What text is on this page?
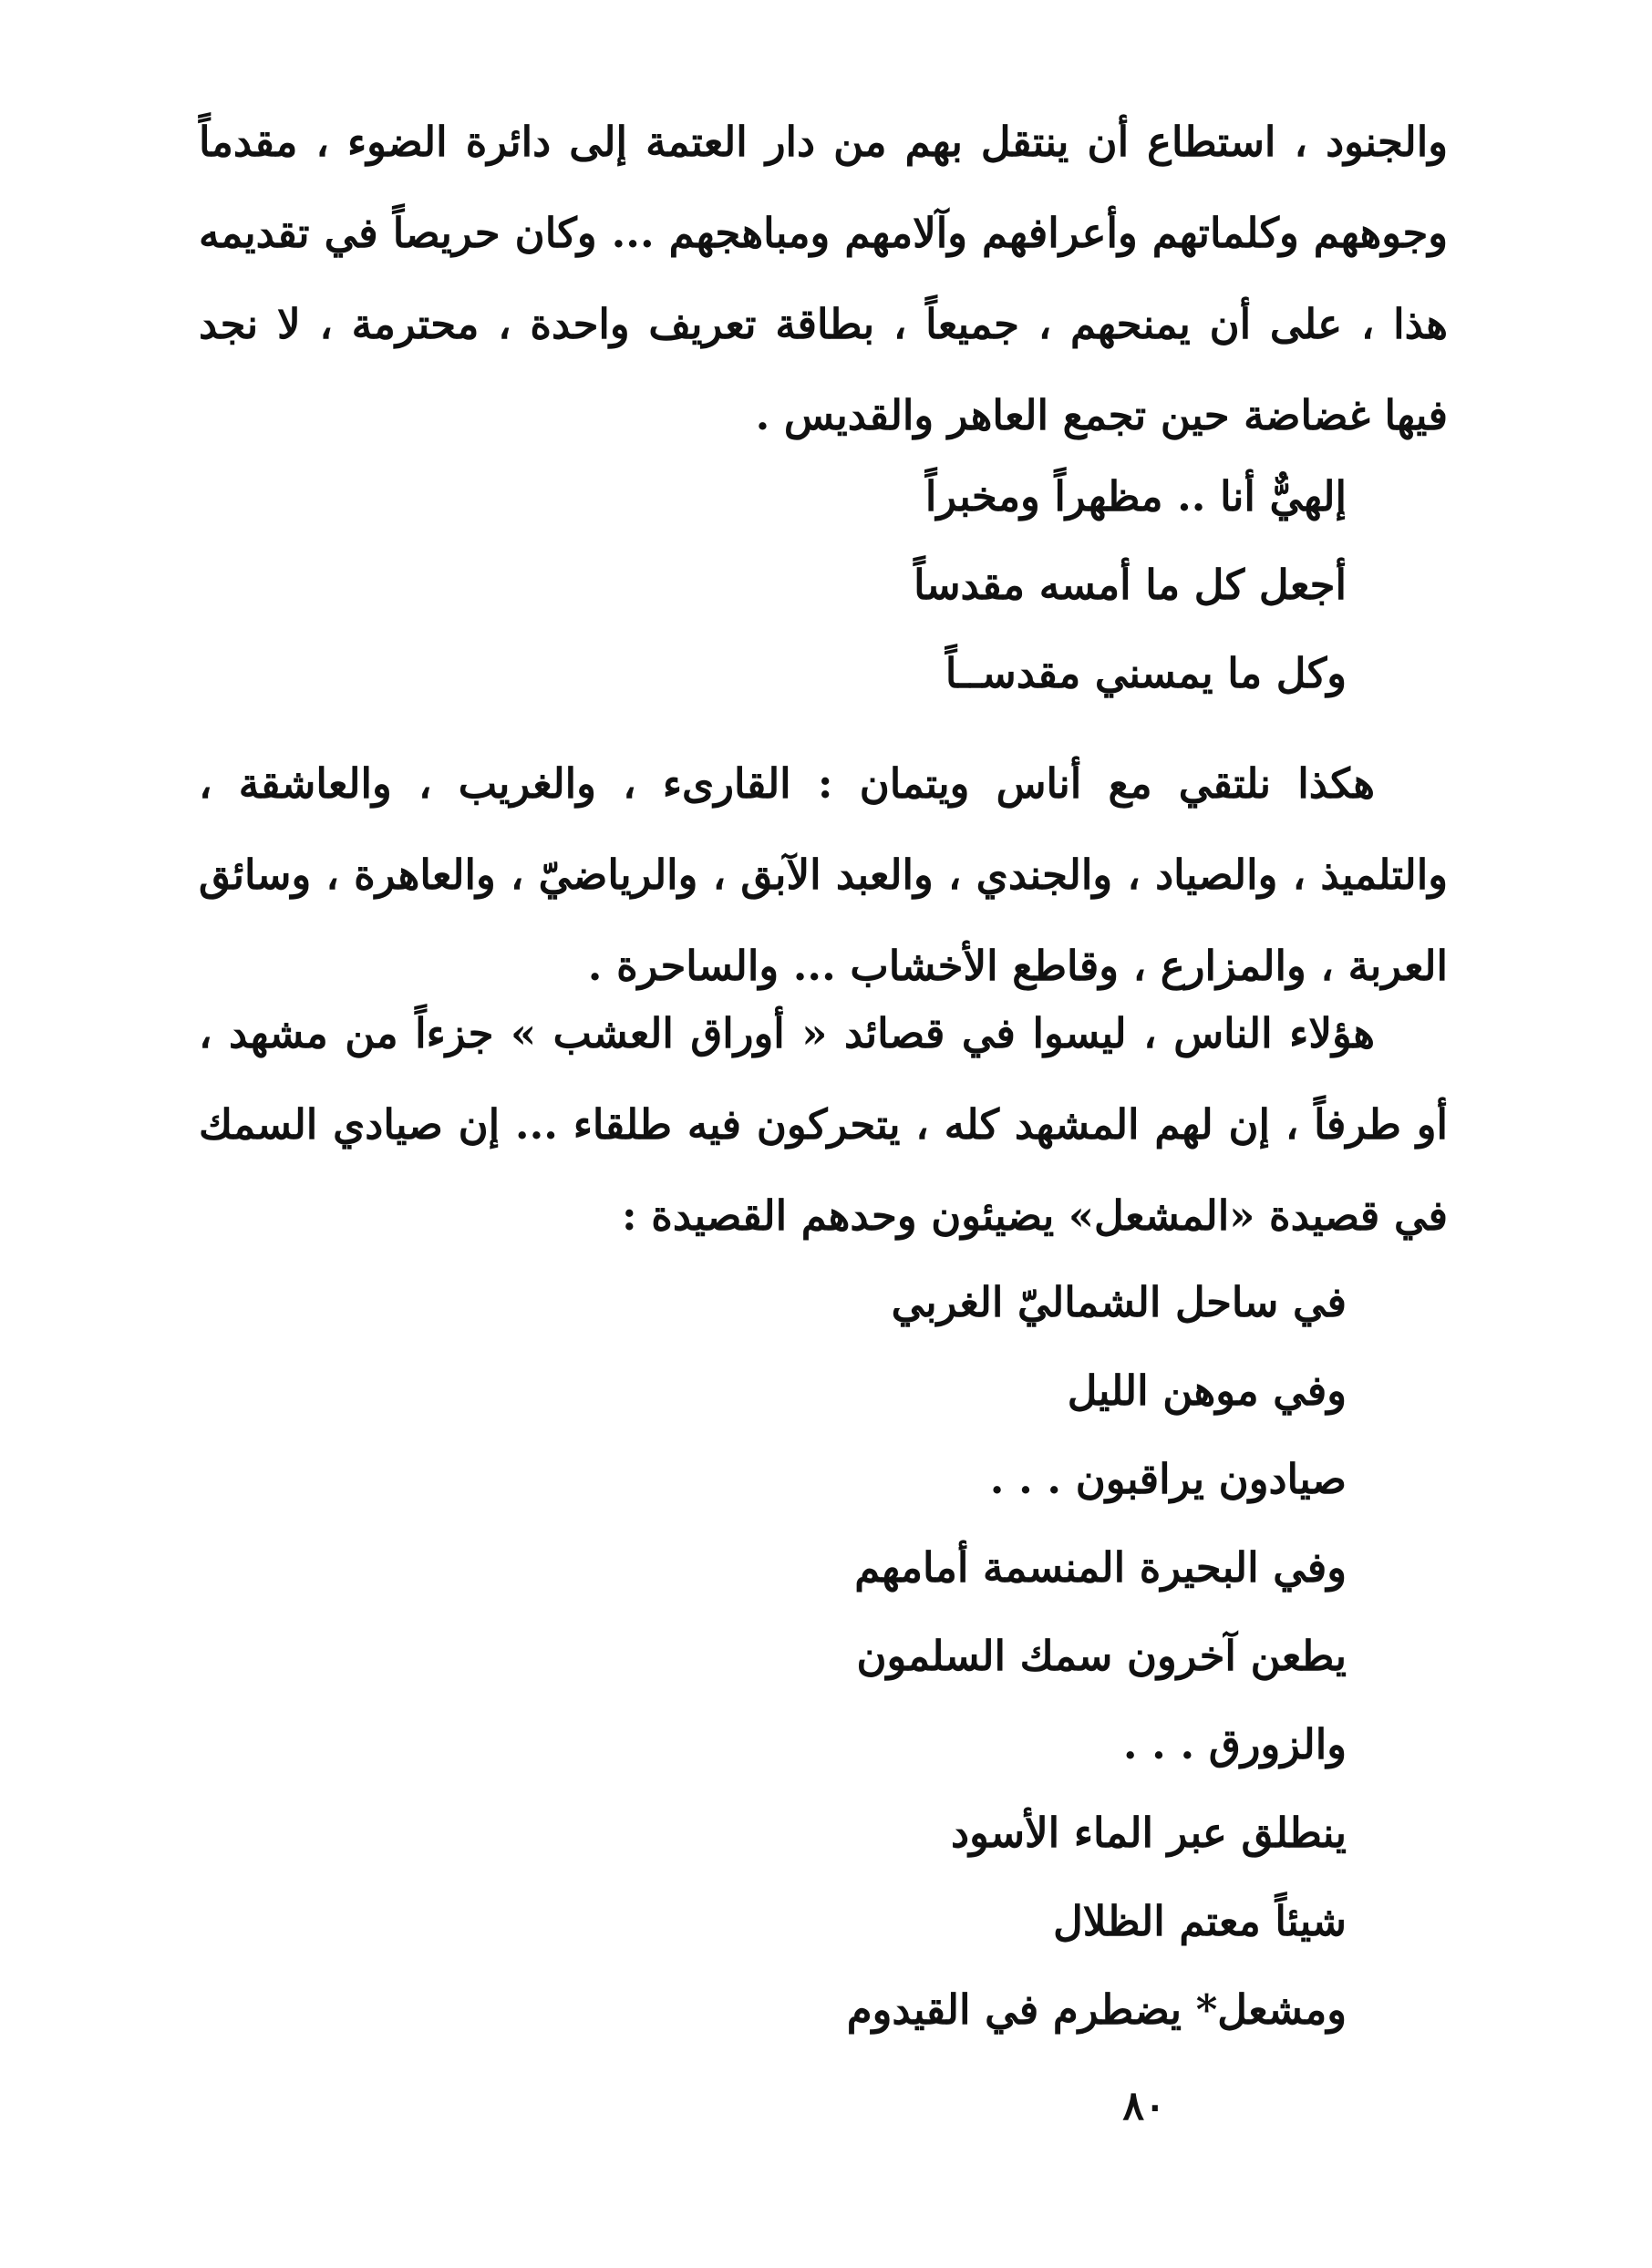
والجنود ، استطاع أن ينتقل بهم من دار العتمة إلى دائرة الضوء ، مقدماً وجوههم وكلماتهم وأعرافهم وآلامهم ومباهجهم ... وكان حريصاً في تقديمه هذا ، على أن يمنحهم ، جميعاً ، بطاقة تعريف واحدة ، محترمة ، لا نجد فيها غضاضة حين تجمع العاهر والقديس .

إلهيٌّ أنا .. مظهراً ومخبراً
أجعل كل ما أمسه مقدساً
وكل ما يمسني مقدســاً

هكذا نلتقي مع أناس ويتمان : القارىء ، والغريب ، والعاشقة ، والتلميذ ، والصياد ، والجندي ، والعبد الآبق ، والرياضيّ ، والعاهرة ، وسائق العربة ، والمزارع ، وقاطع الأخشاب ... والساحرة .

هؤلاء الناس ، ليسوا في قصائد « أوراق العشب » جزءاً من مشهد ، أو طرفاً ، إن لهم المشهد كله ، يتحركون فيه طلقاء ... إن صيادي السمك في قصيدة «المشعل» يضيئون وحدهم القصيدة :

في ساحل الشماليّ الغربي
وفي موهن الليل
صيادون يراقبون . . .
وفي البحيرة المنسمة أمامهم
يطعن آخرون سمك السلمون
والزورق . . .
ينطلق عبر الماء الأسود
شيئاً معتم الظلال
ومشعل* يضطرم في القيدوم
٨٠
